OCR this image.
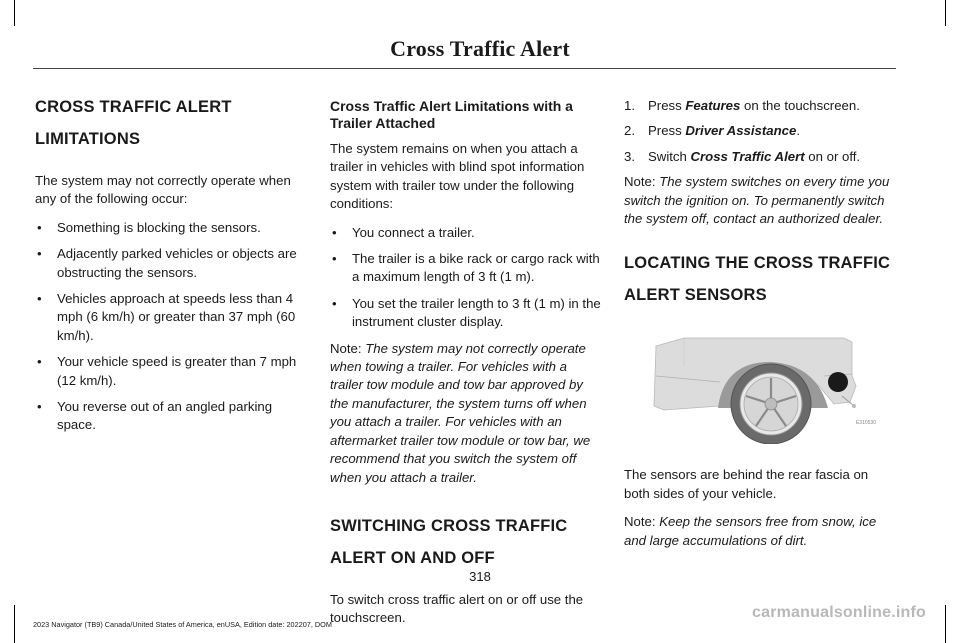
Cross Traffic Alert
CROSS TRAFFIC ALERT
LIMITATIONS

The system may not correctly operate when any of the following occur:

• Something is blocking the sensors.
• Adjacently parked vehicles or objects are obstructing the sensors.
• Vehicles approach at speeds less than 4 mph (6 km/h) or greater than 37 mph (60 km/h).
• Your vehicle speed is greater than 7 mph (12 km/h).
• You reverse out of an angled parking space.
Cross Traffic Alert Limitations with a Trailer Attached

The system remains on when you attach a trailer in vehicles with blind spot information system with trailer tow under the following conditions:

• You connect a trailer.
• The trailer is a bike rack or cargo rack with a maximum length of 3 ft (1 m).
• You set the trailer length to 3 ft (1 m) in the instrument cluster display.

Note: The system may not correctly operate when towing a trailer. For vehicles with a trailer tow module and tow bar approved by the manufacturer, the system turns off when you attach a trailer. For vehicles with an aftermarket trailer tow module or tow bar, we recommend that you switch the system off when you attach a trailer.

SWITCHING CROSS TRAFFIC
ALERT ON AND OFF

To switch cross traffic alert on or off use the touchscreen.

1. Press Features on the touchscreen.
2. Press Driver Assistance.
3. Switch Cross Traffic Alert on or off.

Note: The system switches on every time you switch the ignition on. To permanently switch the system off, contact an authorized dealer.

LOCATING THE CROSS TRAFFIC
ALERT SENSORS
E310530

The sensors are behind the rear fascia on both sides of your vehicle.

Note: Keep the sensors free from snow, ice and large accumulations of dirt.

318
2023 Navigator (TB9) Canada/United States of America, enUSA, Edition date: 202207, DOM
carmanualsonline.info
